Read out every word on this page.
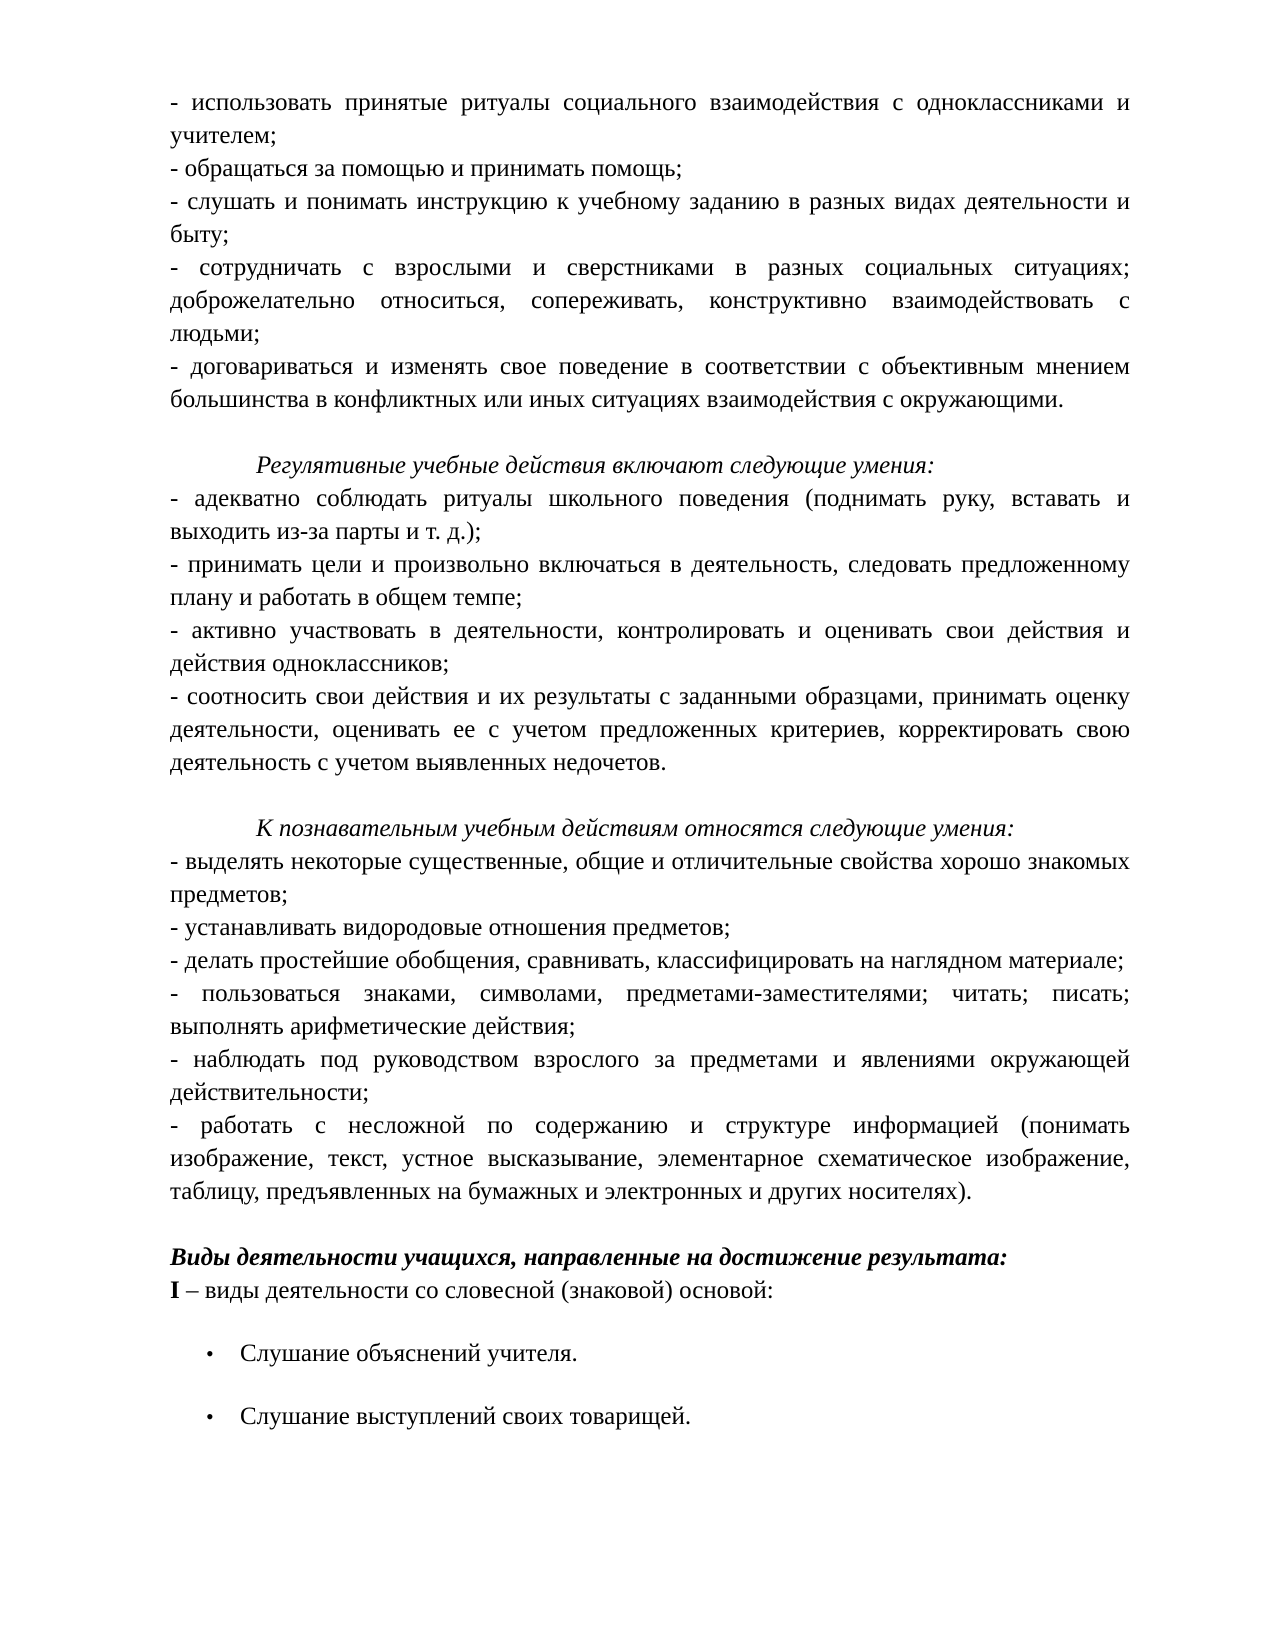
- использовать принятые ритуалы социального взаимодействия с одноклассниками и учителем;

- обращаться за помощью и принимать помощь;

- слушать и понимать инструкцию к учебному заданию в разных видах деятельности и быту;

- сотрудничать с взрослыми и сверстниками в разных социальных ситуациях; доброжелательно относиться, сопереживать, конструктивно взаимодействовать с людьми;

- договариваться и изменять свое поведение в соответствии с объективным мнением большинства в конфликтных или иных ситуациях взаимодействия с окружающими.

Регулятивные учебные действия включают следующие умения:

- адекватно соблюдать ритуалы школьного поведения (поднимать руку, вставать и выходить из-за парты и т. д.);

- принимать цели и произвольно включаться в деятельность, следовать предложенному плану и работать в общем темпе;

- активно участвовать в деятельности, контролировать и оценивать свои действия и действия одноклассников;

- соотносить свои действия и их результаты с заданными образцами, принимать оценку деятельности, оценивать ее с учетом предложенных критериев, корректировать свою деятельность с учетом выявленных недочетов.

К познавательным учебным действиям относятся следующие умения:

- выделять некоторые существенные, общие и отличительные свойства хорошо знакомых предметов;

- устанавливать видородовые отношения предметов;

- делать простейшие обобщения, сравнивать, классифицировать на наглядном материале;

- пользоваться знаками, символами, предметами-заместителями; читать; писать; выполнять арифметические действия;

- наблюдать под руководством взрослого за предметами и явлениями окружающей действительности;

- работать с несложной по содержанию и структуре информацией (понимать изображение, текст, устное высказывание, элементарное схематическое изображение, таблицу, предъявленных на бумажных и электронных и других носителях).

Виды деятельности учащихся, направленные на достижение результата:

I – виды деятельности со словесной (знаковой) основой:

•	Слушание объяснений учителя.
•	Слушание выступлений своих товарищей.
